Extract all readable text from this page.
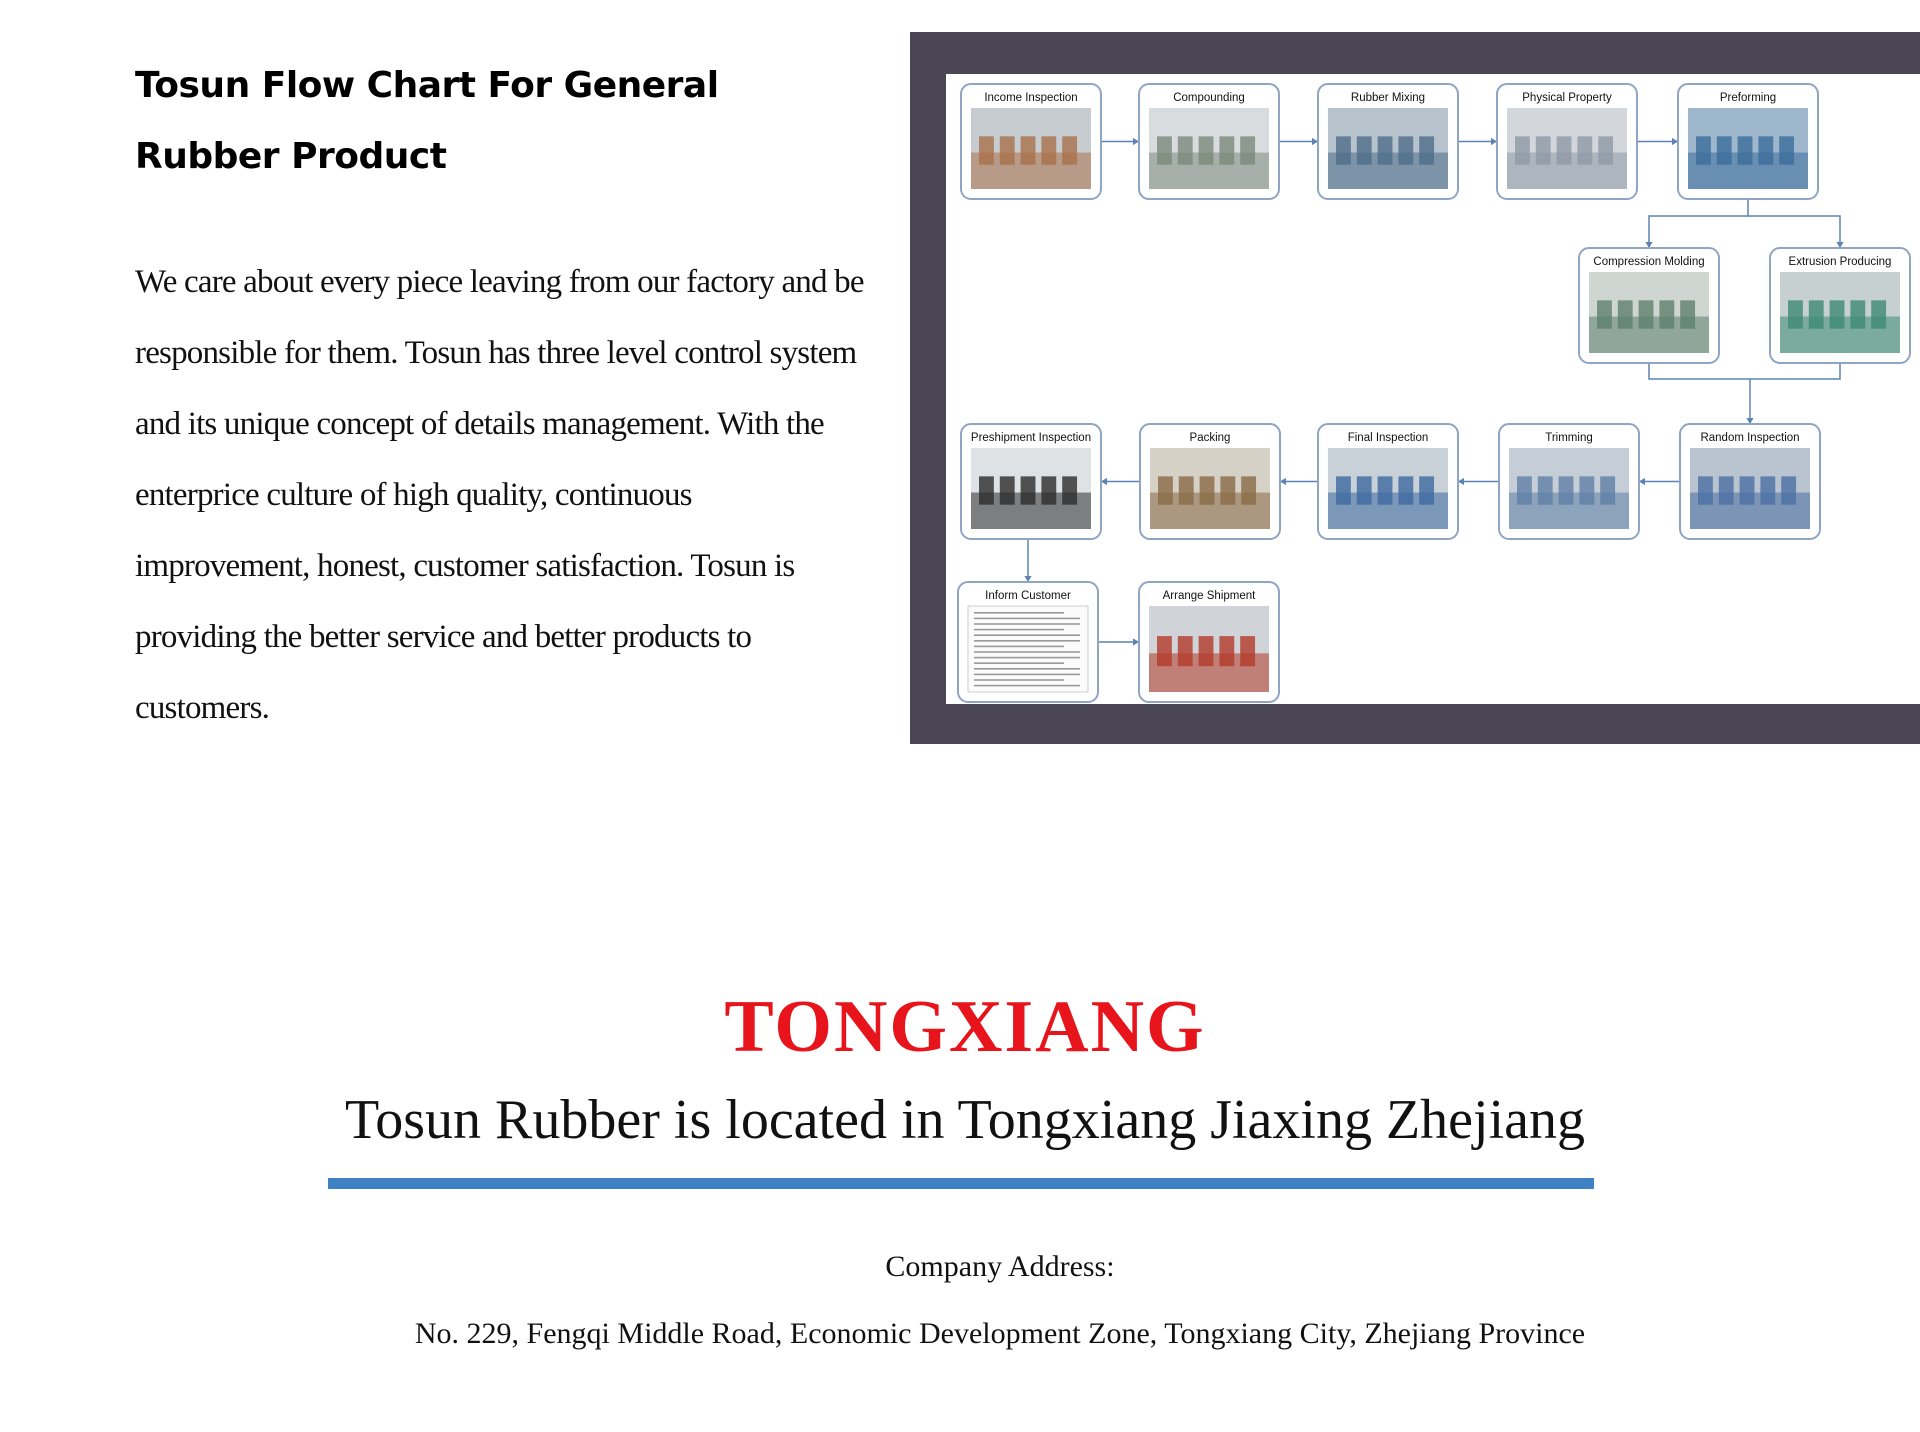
Tosun Flow Chart For General
Rubber Product
We care about every piece leaving from our factory and be responsible for them. Tosun has three level control system and its unique concept of details management. With the enterprice culture of high quality, continuous improvement, honest, customer satisfaction. Tosun is providing the better service and better products to customers.
Income Inspection	Compounding	Rubber Mixing	Physical Property	Preforming
Compression Molding	Extrusion Producing
Random Inspection
Trimming
Final Inspection
Packing
Preshipment Inspection
Inform Customer	Arrange Shipment
TONGXIANG
Tosun Rubber is located in Tongxiang Jiaxing Zhejiang
Company Address:
No. 229, Fengqi Middle Road, Economic Development Zone, Tongxiang City, Zhejiang Province
